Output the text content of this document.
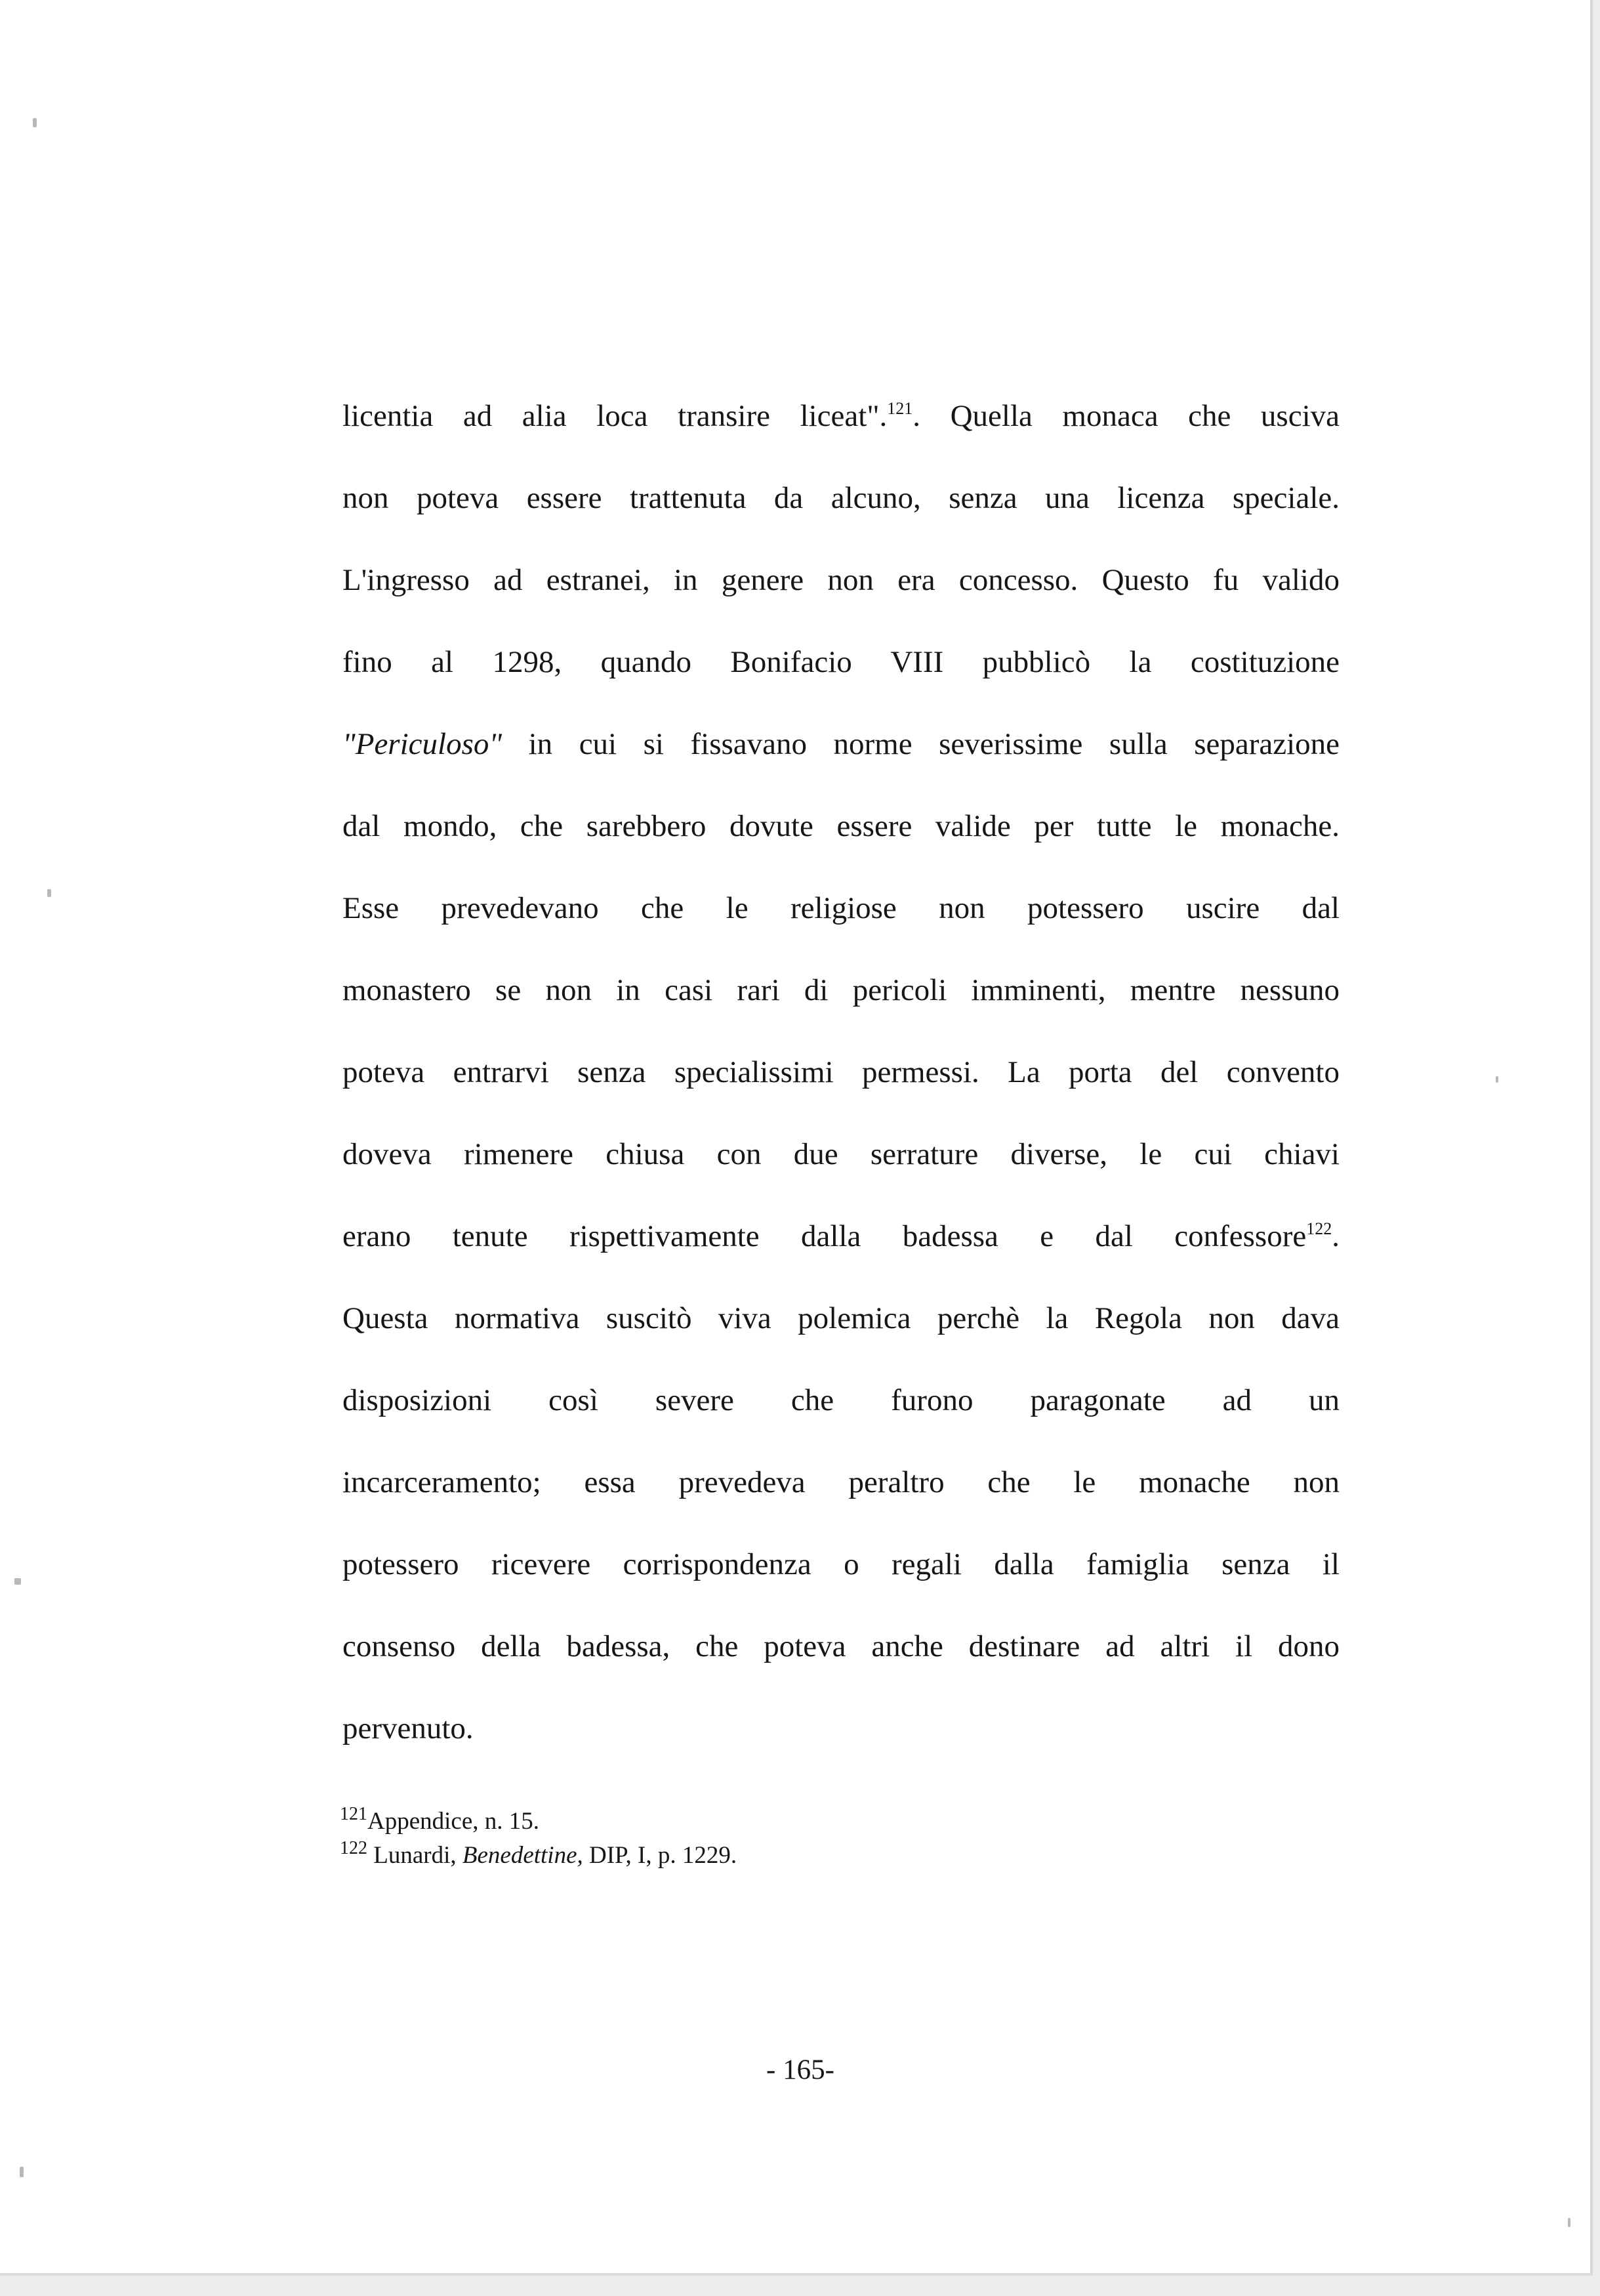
licentia ad alia loca transire liceat".$^{121}$. Quella monaca che usciva
non poteva essere trattenuta da alcuno, senza una licenza speciale.
L'ingresso ad estranei, in genere non era concesso. Questo fu valido
fino al 1298, quando Bonifacio VIII pubblicò la costituzione
"Periculoso" in cui si fissavano norme severissime sulla separazione
dal mondo, che sarebbero dovute essere valide per tutte le monache.
Esse prevedevano che le religiose non potessero uscire dal
monastero se non in casi rari di pericoli imminenti, mentre nessuno
poteva entrarvi senza specialissimi permessi. La porta del convento
doveva rimenere chiusa con due serrature diverse, le cui chiavi
erano tenute rispettivamente dalla badessa e dal confessore$^{122}$.
Questa normativa suscitò viva polemica perchè la Regola non dava
disposizioni così severe che furono paragonate ad un
incarceramento; essa prevedeva peraltro che le monache non
potessero ricevere corrispondenza o regali dalla famiglia senza il
consenso della badessa, che poteva anche destinare ad altri il dono
pervenuto.
$^{121}$Appendice, n. 15.
$^{122}$ Lunardi, Benedettine, DIP, I, p. 1229.
- 165-
